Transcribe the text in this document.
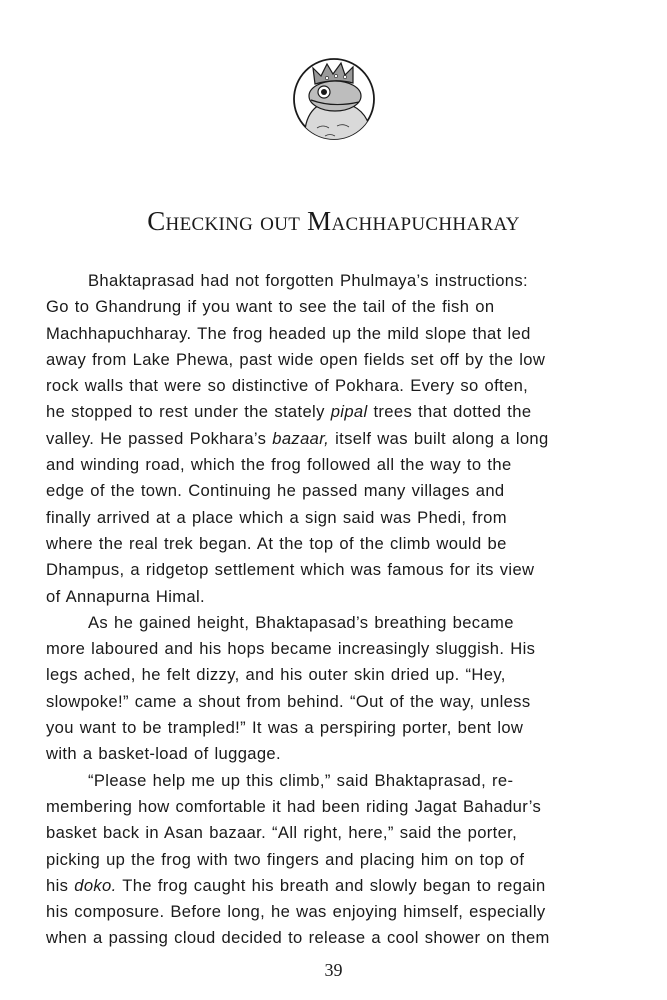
Checking out Machhapuchharay
Bhaktaprasad had not forgotten Phulmaya’s instructions:
Go to Ghandrung if you want to see the tail of the fish on
Machhapuchharay. The frog headed up the mild slope that led
away from Lake Phewa, past wide open fields set off by the low
rock walls that were so distinctive of Pokhara. Every so often,
he stopped to rest under the stately pipal trees that dotted the
valley. He passed Pokhara’s bazaar, itself was built along a long
and winding road, which the frog followed all the way to the
edge of the town. Continuing he passed many villages and
finally arrived at a place which a sign said was Phedi, from
where the real trek began. At the top of the climb would be
Dhampus, a ridgetop settlement which was famous for its view
of Annapurna Himal.
As he gained height, Bhaktapasad’s breathing became
more laboured and his hops became increasingly sluggish. His
legs ached, he felt dizzy, and his outer skin dried up. “Hey,
slowpoke!” came a shout from behind. “Out of the way, unless
you want to be trampled!” It was a perspiring porter, bent low
with a basket-load of luggage.
“Please help me up this climb,” said Bhaktaprasad, re-
membering how comfortable it had been riding Jagat Bahadur’s
basket back in Asan bazaar. “All right, here,” said the porter,
picking up the frog with two fingers and placing him on top of
his doko. The frog caught his breath and slowly began to regain
his composure. Before long, he was enjoying himself, especially
when a passing cloud decided to release a cool shower on them
39
